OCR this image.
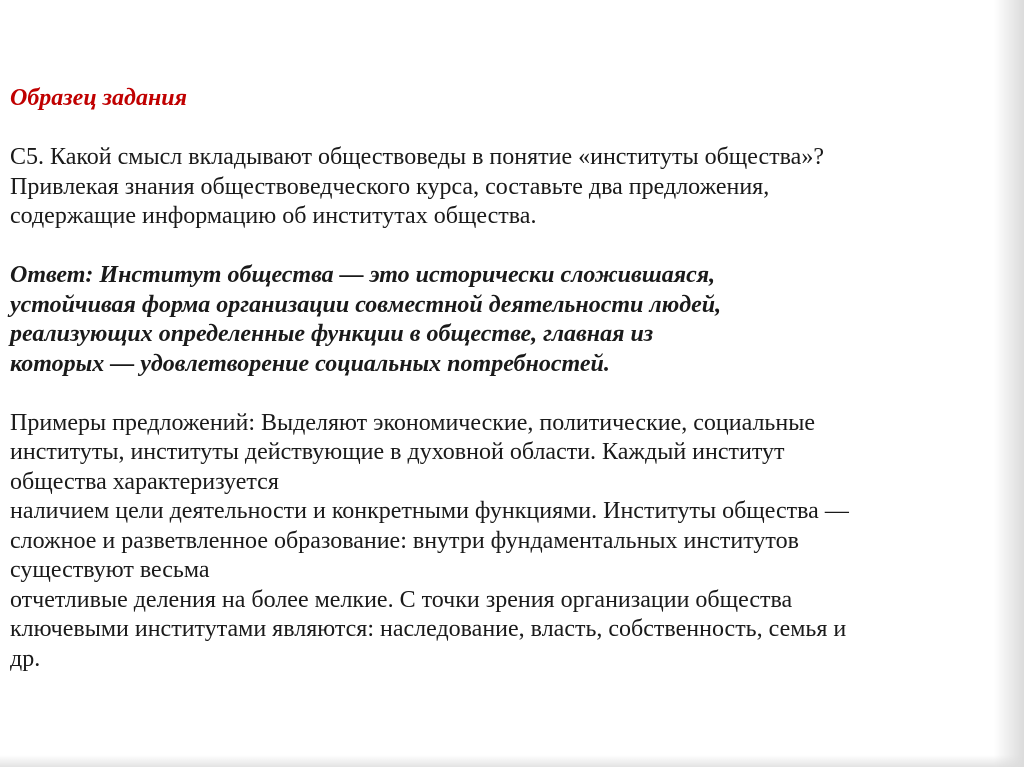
Образец задания

С5. Какой смысл вкладывают обществоведы в понятие «институты общества»?

Привлекая знания обществоведческого курса, составьте два предложения,

содержащие информацию об институтах общества.

Ответ: Институт общества — это исторически сложившаяся,

устойчивая форма организации совместной деятельности людей,

реализующих определенные функции в обществе, главная из

которых — удовлетворение социальных потребностей.

Примеры предложений: Выделяют экономические, политические, социальные

институты, институты действующие в духовной области. Каждый институт

общества характеризуется

наличием цели деятельности и конкретными функциями. Институты общества —

сложное и разветвленное образование: внутри фундаментальных институтов

существуют весьма

отчетливые деления на более мелкие. С точки зрения организации общества

ключевыми институтами являются: наследование, власть, собственность, семья и

др.
